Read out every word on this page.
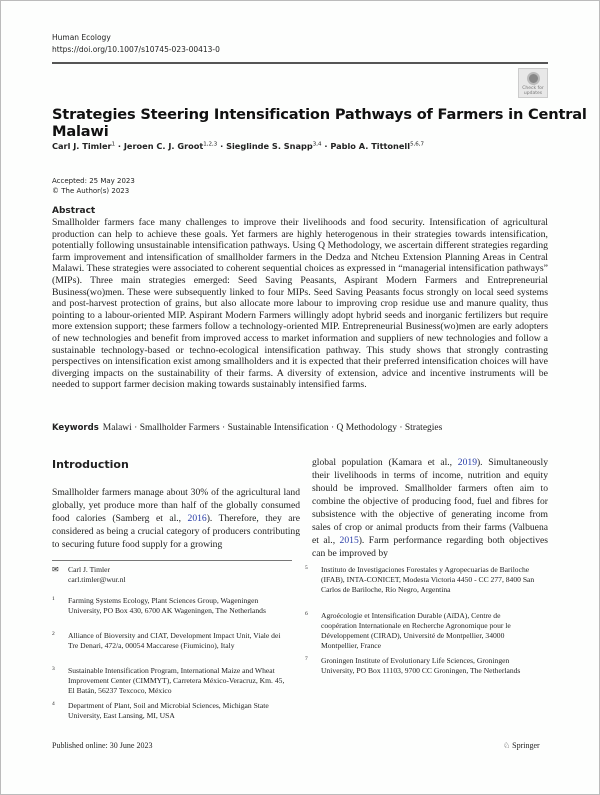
Human Ecology
https://doi.org/10.1007/s10745-023-00413-0
Check for updates
Strategies Steering Intensification Pathways of Farmers in Central Malawi
Carl J. Timler$^1$ · Jeroen C. J. Groot$^{1,2,3}$ · Sieglinde S. Snapp$^{3,4}$ · Pablo A. Tittonell$^{5,6,7}$
Accepted: 25 May 2023
© The Author(s) 2023
Abstract
Smallholder farmers face many challenges to improve their livelihoods and food security. Intensification of agricultural production can help to achieve these goals. Yet farmers are highly heterogenous in their strategies towards intensification, potentially following unsustainable intensification pathways. Using Q Methodology, we ascertain different strategies regarding farm improvement and intensification of smallholder farmers in the Dedza and Ntcheu Extension Planning Areas in Central Malawi. These strategies were associated to coherent sequential choices as expressed in “managerial intensification pathways” (MIPs). Three main strategies emerged: Seed Saving Peasants, Aspirant Modern Farmers and Entrepreneurial Business(wo)men. These were subsequently linked to four MIPs. Seed Saving Peasants focus strongly on local seed systems and post-harvest protection of grains, but also allocate more labour to improving crop residue use and manure quality, thus pointing to a labour-oriented MIP. Aspirant Modern Farmers willingly adopt hybrid seeds and inorganic fertilizers but require more extension support; these farmers follow a technology-oriented MIP. Entrepreneurial Business(wo)men are early adopters of new technologies and benefit from improved access to market information and suppliers of new technologies and follow a sustainable technology-based or techno-ecological intensification pathway. This study shows that strongly contrasting perspectives on intensification exist among smallholders and it is expected that their preferred intensification choices will have diverging impacts on the sustainability of their farms. A diversity of extension, advice and incentive instruments will be needed to support farmer decision making towards sustainably intensified farms.
Keywords Malawi · Smallholder Farmers · Sustainable Intensification · Q Methodology · Strategies
Introduction
Smallholder farmers manage about 30% of the agricultural land globally, yet produce more than half of the globally consumed food calories (Samberg et al., 2016). Therefore, they are considered as being a crucial category of producers contributing to securing future food supply for a growing
global population (Kamara et al., 2019). Simultaneously their livelihoods in terms of income, nutrition and equity should be improved. Smallholder farmers often aim to combine the objective of producing food, fuel and fibres for subsistence with the objective of generating income from sales of crop or animal products from their farms (Valbuena et al., 2015). Farm performance regarding both objectives can be improved by
✉ Carl J. Timler
carl.timler@wur.nl
1 Farming Systems Ecology, Plant Sciences Group, Wageningen University, PO Box 430, 6700 AK Wageningen, The Netherlands
2 Alliance of Bioversity and CIAT, Development Impact Unit, Viale dei Tre Denari, 472/a, 00054 Maccarese (Fiumicino), Italy
3 Sustainable Intensification Program, International Maize and Wheat Improvement Center (CIMMYT), Carretera México-Veracruz, Km. 45, El Batán, 56237 Texcoco, México
4 Department of Plant, Soil and Microbial Sciences, Michigan State University, East Lansing, MI, USA
5 Instituto de Investigaciones Forestales y Agropecuarias de Bariloche (IFAB), INTA-CONICET, Modesta Victoria 4450 - CC 277, 8400 San Carlos de Bariloche, Río Negro, Argentina
6 Agroécologie et Intensification Durable (AïDA), Centre de coopération Internationale en Recherche Agronomique pour le Développement (CIRAD), Université de Montpellier, 34000 Montpellier, France
7 Groningen Institute of Evolutionary Life Sciences, Groningen University, PO Box 11103, 9700 CC Groningen, The Netherlands
Published online: 30 June 2023	♘ Springer
